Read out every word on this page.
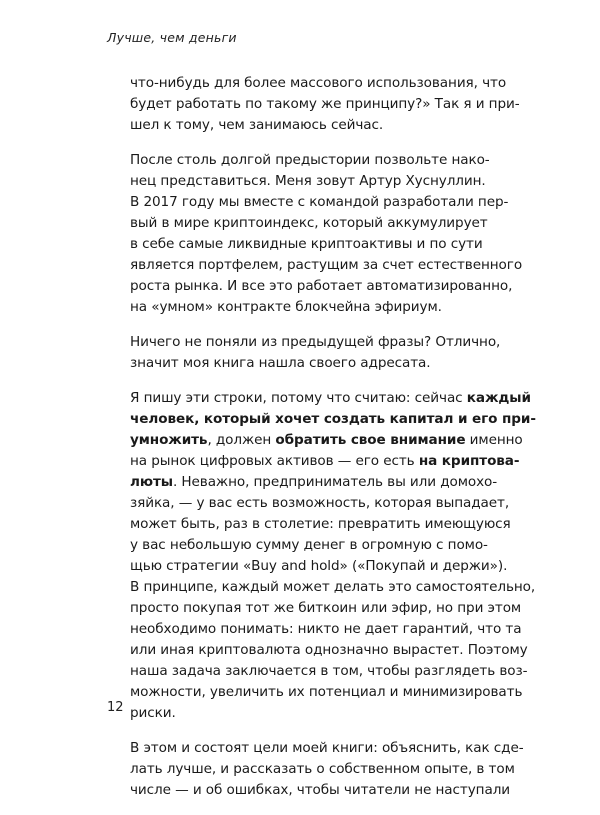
Лучше, чем деньги
что-нибудь для более массового использования, что
будет работать по такому же принципу?» Так я и при-
шел к тому, чем занимаюсь сейчас.
После столь долгой предыстории позвольте нако-
нец представиться. Меня зовут Артур Хуснуллин.
В 2017 году мы вместе с командой разработали пер-
вый в мире криптоиндекс, который аккумулирует
в себе самые ликвидные криптоактивы и по сути
является портфелем, растущим за счет естественного
роста рынка. И все это работает автоматизированно,
на «умном» контракте блокчейна эфириум.
Ничего не поняли из предыдущей фразы? Отлично,
значит моя книга нашла своего адресата.
Я пишу эти строки, потому что считаю: сейчас каждый
человек, который хочет создать капитал и его при-
умножить, должен обратить свое внимание именно
на рынок цифровых активов — его есть на криптова-
люты. Неважно, предприниматель вы или домохо-
зяйка, — у вас есть возможность, которая выпадает,
может быть, раз в столетие: превратить имеющуюся
у вас небольшую сумму денег в огромную с помо-
щью стратегии «Buy and hold» («Покупай и держи»).
В принципе, каждый может делать это самостоятельно,
просто покупая тот же биткоин или эфир, но при этом
необходимо понимать: никто не дает гарантий, что та
или иная криптовалюта однозначно вырастет. Поэтому
наша задача заключается в том, чтобы разглядеть воз-
можности, увеличить их потенциал и минимизировать
риски.
В этом и состоят цели моей книги: объяснить, как сде-
лать лучше, и рассказать о собственном опыте, в том
числе — и об ошибках, чтобы читатели не наступали
12
